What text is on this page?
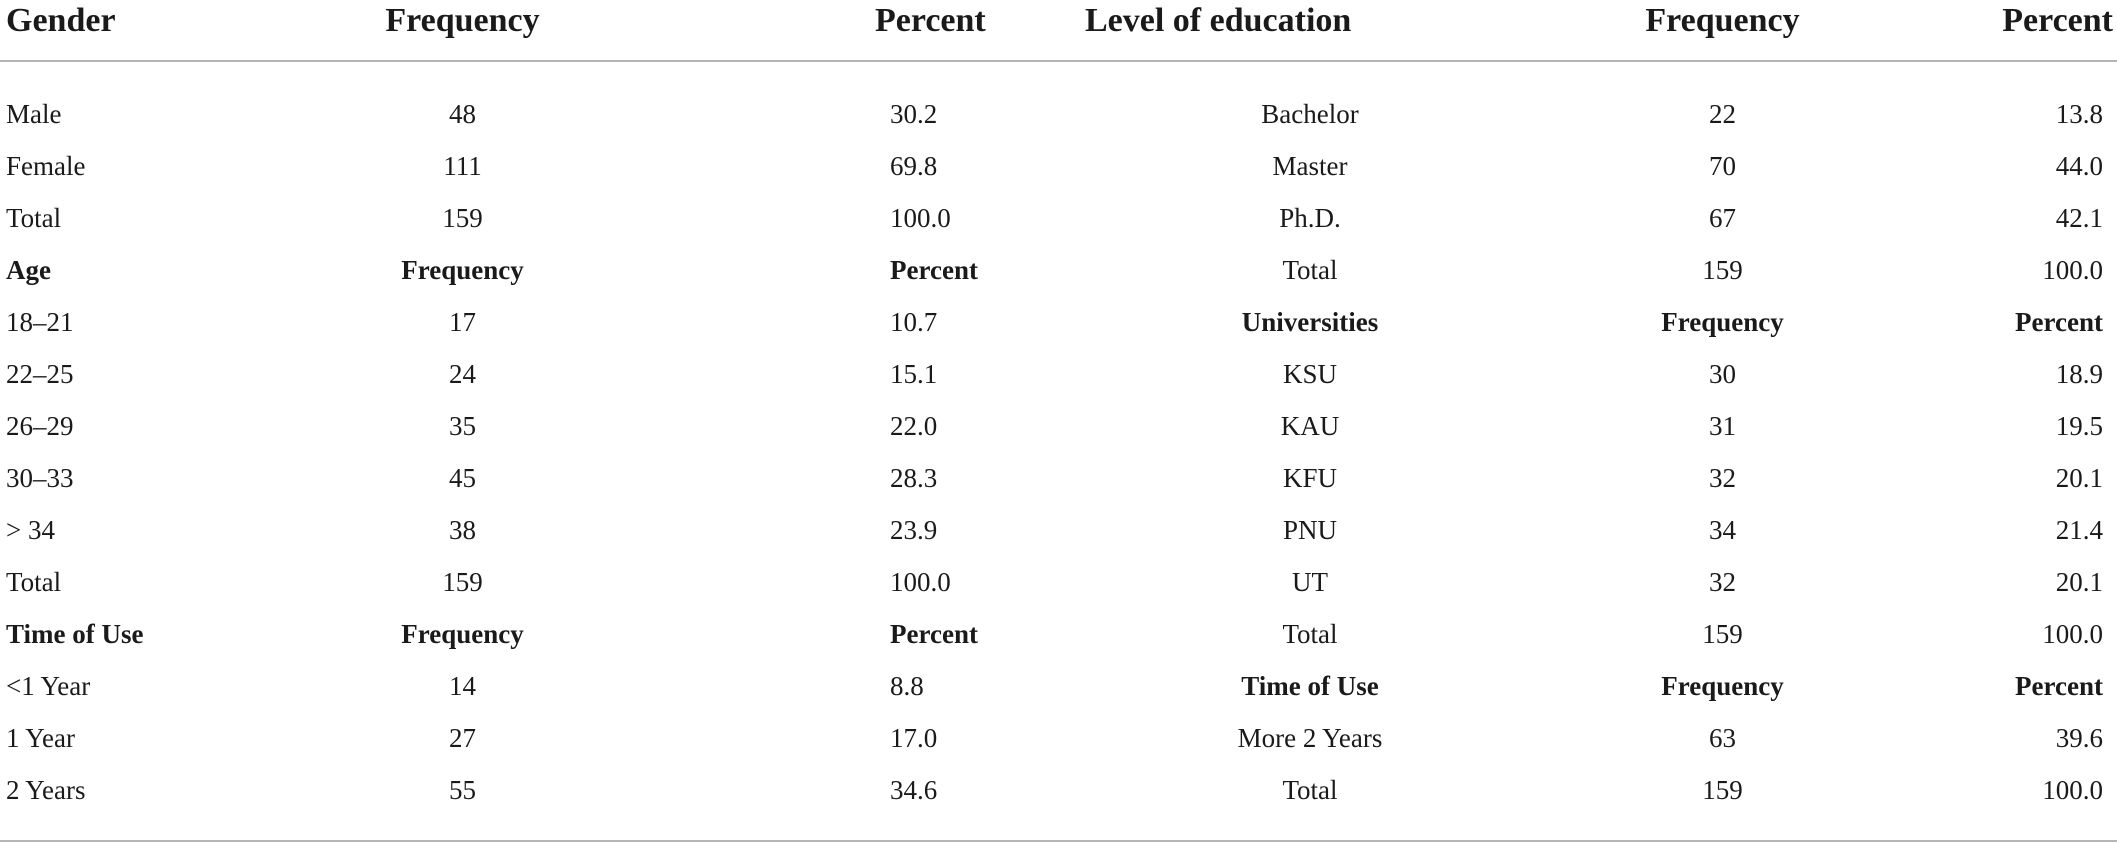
Gender	Frequency	Percent	Level of education	Frequency	Percent

Male	48	30.2	Bachelor	22	13.8
Female	111	69.8	Master	70	44.0
Total	159	100.0	Ph.D.	67	42.1
Age	Frequency	Percent	Total	159	100.0
18–21	17	10.7	Universities	Frequency	Percent
22–25	24	15.1	KSU	30	18.9
26–29	35	22.0	KAU	31	19.5
30–33	45	28.3	KFU	32	20.1
> 34	38	23.9	PNU	34	21.4
Total	159	100.0	UT	32	20.1
Time of Use	Frequency	Percent	Total	159	100.0
<1 Year	14	8.8	Time of Use	Frequency	Percent
1 Year	27	17.0	More 2 Years	63	39.6
2 Years	55	34.6	Total	159	100.0
